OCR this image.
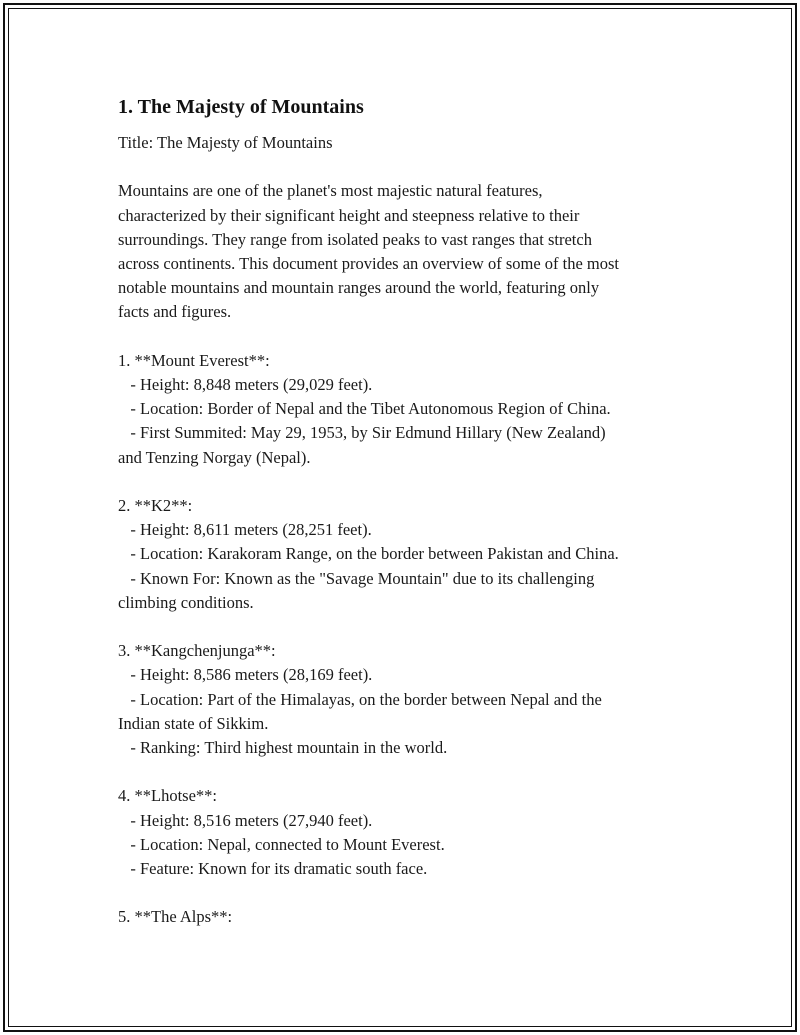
1. The Majesty of Mountains
Title: The Majesty of Mountains
Mountains are one of the planet's most majestic natural features,
characterized by their significant height and steepness relative to their
surroundings. They range from isolated peaks to vast ranges that stretch
across continents. This document provides an overview of some of the most
notable mountains and mountain ranges around the world, featuring only
facts and figures.
1. **Mount Everest**:
- Height: 8,848 meters (29,029 feet).
- Location: Border of Nepal and the Tibet Autonomous Region of China.
- First Summited: May 29, 1953, by Sir Edmund Hillary (New Zealand)
and Tenzing Norgay (Nepal).
2. **K2**:
- Height: 8,611 meters (28,251 feet).
- Location: Karakoram Range, on the border between Pakistan and China.
- Known For: Known as the "Savage Mountain" due to its challenging
climbing conditions.
3. **Kangchenjunga**:
- Height: 8,586 meters (28,169 feet).
- Location: Part of the Himalayas, on the border between Nepal and the
Indian state of Sikkim.
- Ranking: Third highest mountain in the world.
4. **Lhotse**:
- Height: 8,516 meters (27,940 feet).
- Location: Nepal, connected to Mount Everest.
- Feature: Known for its dramatic south face.
5. **The Alps**:
